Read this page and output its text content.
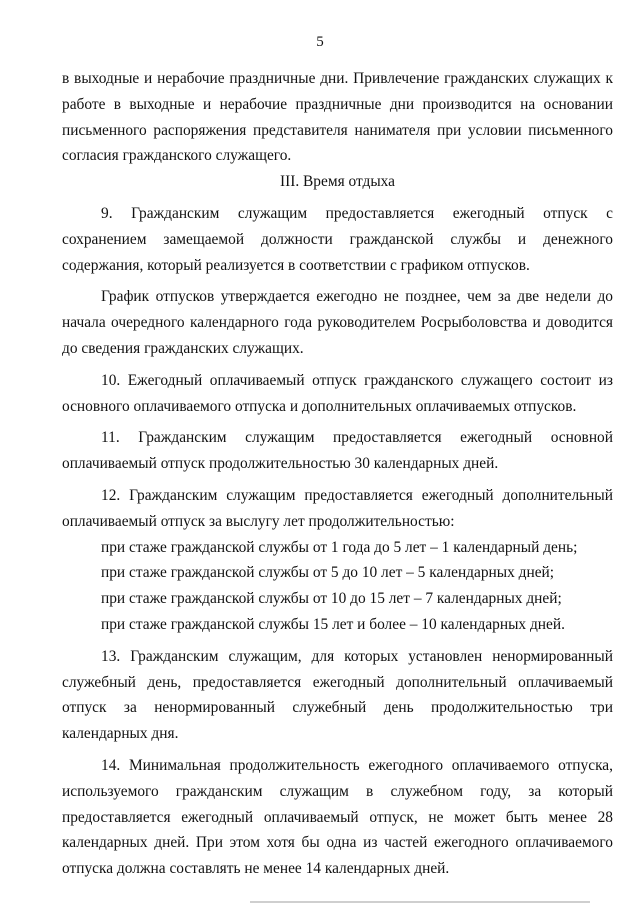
5

в выходные и нерабочие праздничные дни. Привлечение гражданских служащих к работе в выходные и нерабочие праздничные дни производится на основании письменного распоряжения представителя нанимателя при условии письменного согласия гражданского служащего.

III. Время отдыха

9. Гражданским служащим предоставляется ежегодный отпуск с сохранением замещаемой должности гражданской службы и денежного содержания, который реализуется в соответствии с графиком отпусков.

График отпусков утверждается ежегодно не позднее, чем за две недели до начала очередного календарного года руководителем Росрыболовства и доводится до сведения гражданских служащих.

10. Ежегодный оплачиваемый отпуск гражданского служащего состоит из основного оплачиваемого отпуска и дополнительных оплачиваемых отпусков.

11. Гражданским служащим предоставляется ежегодный основной оплачиваемый отпуск продолжительностью 30 календарных дней.

12. Гражданским служащим предоставляется ежегодный дополнительный оплачиваемый отпуск за выслугу лет продолжительностью:

при стаже гражданской службы от 1 года до 5 лет – 1 календарный день;

при стаже гражданской службы от 5 до 10 лет – 5 календарных дней;

при стаже гражданской службы от 10 до 15 лет – 7 календарных дней;

при стаже гражданской службы 15 лет и более – 10 календарных дней.

13. Гражданским служащим, для которых установлен ненормированный служебный день, предоставляется ежегодный дополнительный оплачиваемый отпуск за ненормированный служебный день продолжительностью три календарных дня.

14. Минимальная продолжительность ежегодного оплачиваемого отпуска, используемого гражданским служащим в служебном году, за который предоставляется ежегодный оплачиваемый отпуск, не может быть менее 28 календарных дней. При этом хотя бы одна из частей ежегодного оплачиваемого отпуска должна составлять не менее 14 календарных дней.
